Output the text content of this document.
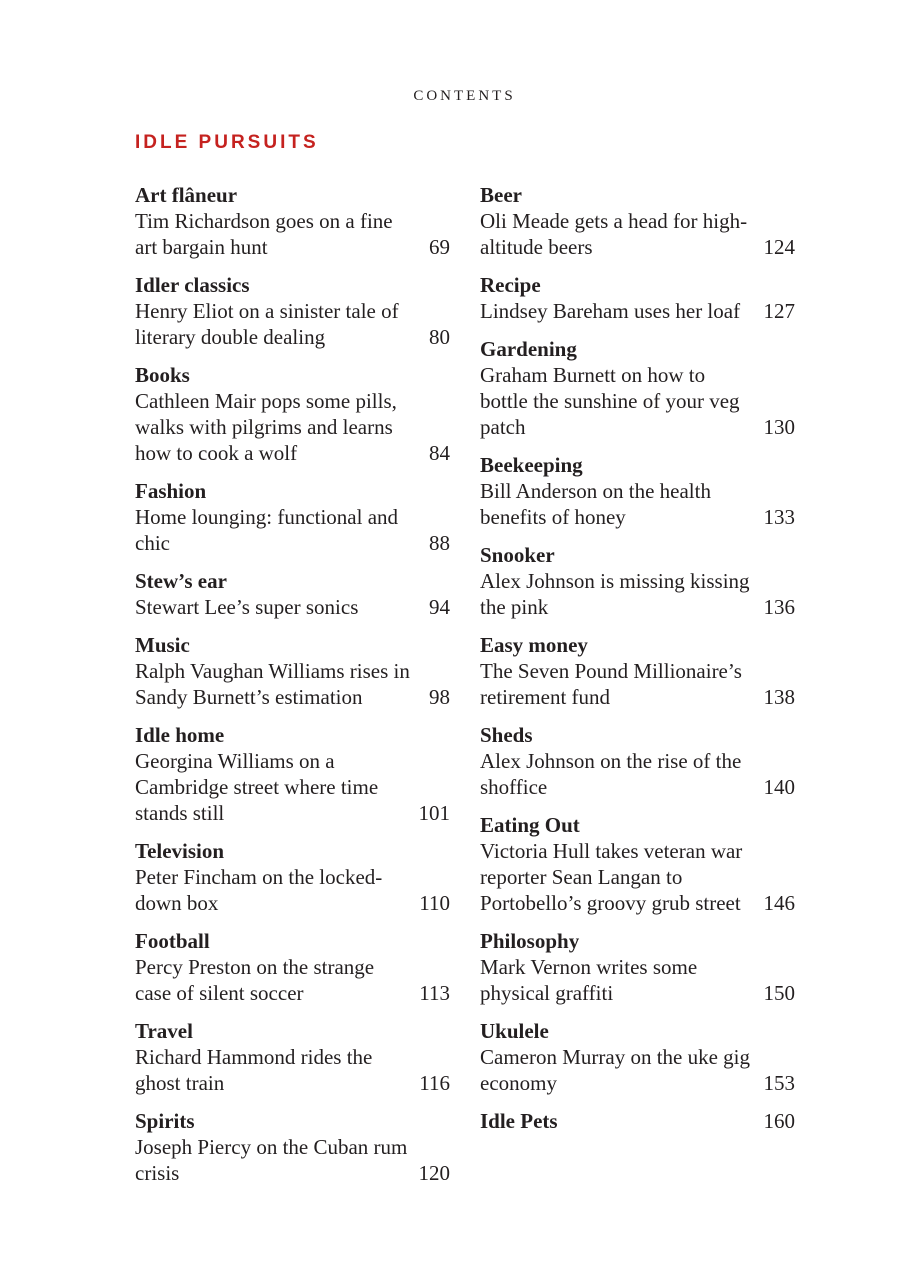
CONTENTS
IDLE PURSUITS
Art flâneur
Tim Richardson goes on a fine art bargain hunt	69
Idler classics
Henry Eliot on a sinister tale of literary double dealing	80
Books
Cathleen Mair pops some pills, walks with pilgrims and learns how to cook a wolf	84
Fashion
Home lounging: functional and chic	88
Stew’s ear
Stewart Lee’s super sonics	94
Music
Ralph Vaughan Williams rises in Sandy Burnett’s estimation	98
Idle home
Georgina Williams on a Cambridge street where time stands still	101
Television
Peter Fincham on the locked-down box	110
Football
Percy Preston on the strange case of silent soccer	113
Travel
Richard Hammond rides the ghost train	116
Spirits
Joseph Piercy on the Cuban rum crisis	120
Beer
Oli Meade gets a head for high-altitude beers	124
Recipe
Lindsey Bareham uses her loaf	127
Gardening
Graham Burnett on how to bottle the sunshine of your veg patch	130
Beekeeping
Bill Anderson on the health benefits of honey	133
Snooker
Alex Johnson is missing kissing the pink	136
Easy money
The Seven Pound Millionaire’s retirement fund	138
Sheds
Alex Johnson on the rise of the shoffice	140
Eating Out
Victoria Hull takes veteran war reporter Sean Langan to Portobello’s groovy grub street	146
Philosophy
Mark Vernon writes some physical graffiti	150
Ukulele
Cameron Murray on the uke gig economy	153
Idle Pets	160
